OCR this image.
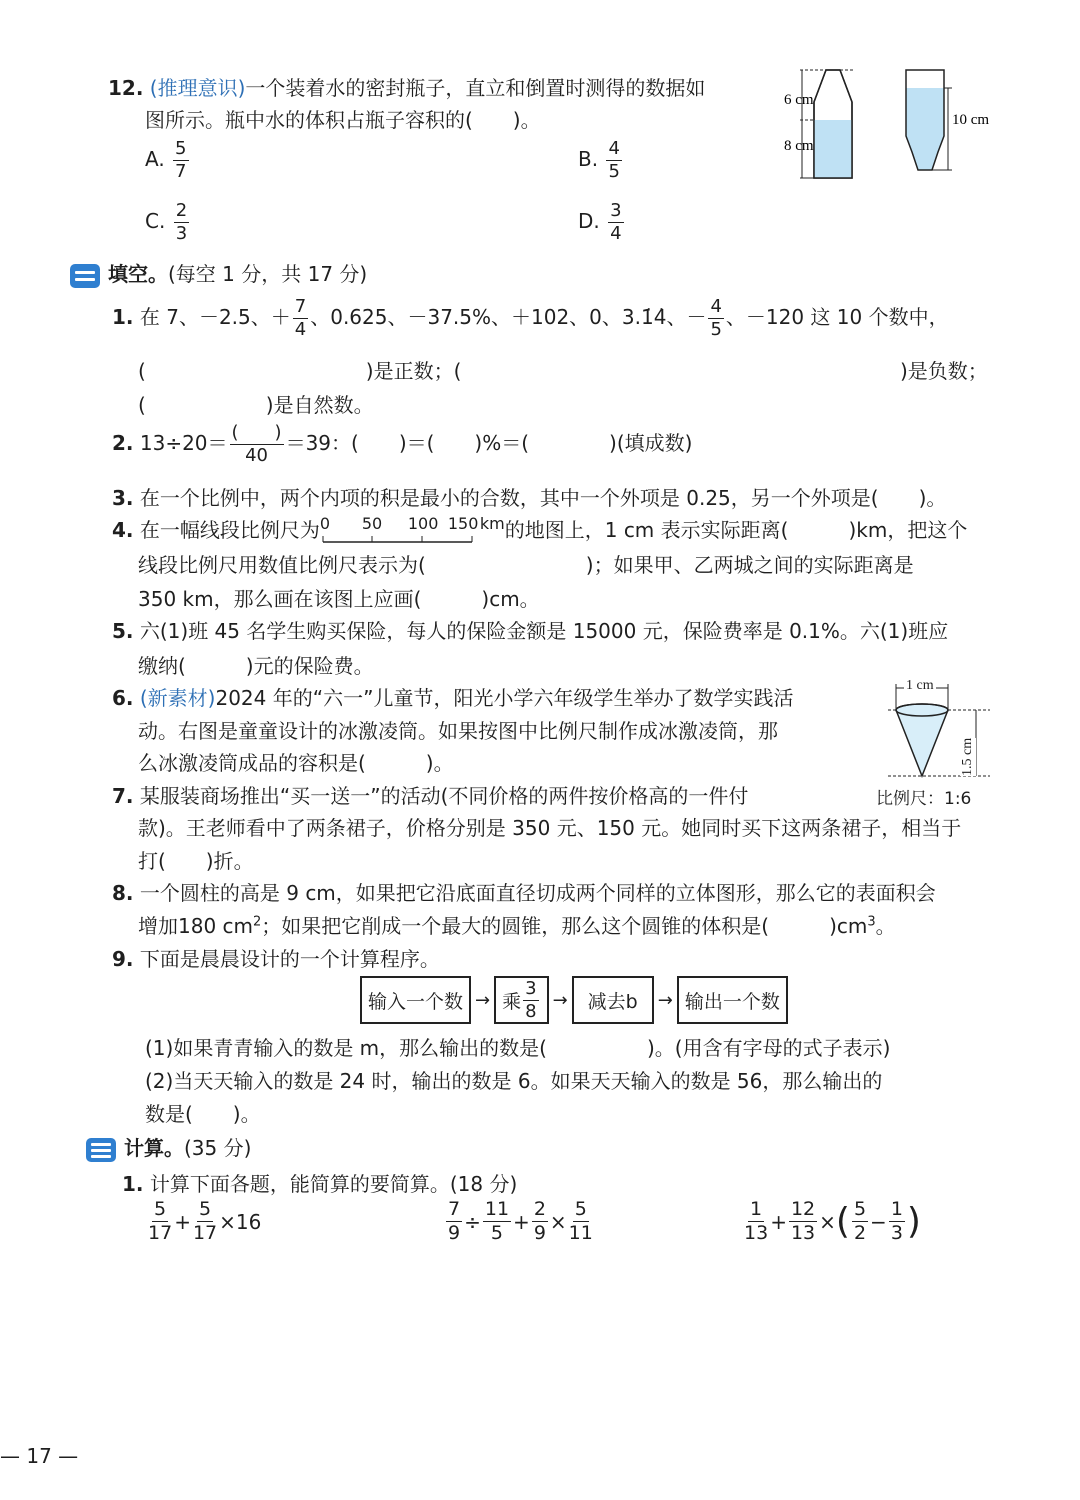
12. (推理意识)一个装着水的密封瓶子，直立和倒置时测得的数据如
图所示。瓶中水的体积占瓶子容积的(　　)。
A. $\frac{5}{7}$	B. $\frac{4}{5}$
C. $\frac{2}{3}$	D. $\frac{3}{4}$
6 cm
8 cm
10 cm
填空。(每空 1 分，共 17 分)
1. 在 7、－2.5、＋ $\frac{7}{4}$ 、0.625、－37.5%、＋102、0、3.1̇4̇、－ $\frac{4}{5}$ 、－120 这 10 个数中，
(　　　　　　　　　　　)是正数；(	　　　　　　　　　　)是负数；
(　　　　　　)是自然数。
2. $13\div 20= \frac{( )}{40} =39$：(　　)＝(　　)%＝(　　　　)(填成数)
3. 在一个比例中，两个内项的积是最小的合数，其中一个外项是 0.25，另一个外项是(　　)。
4. 在一幅线段比例尺为 0 50 100 150 $^{km}$的地图上，1 cm 表示实际距离(　　　)km，把这个
线段比例尺用数值比例尺表示为(　　　　　　　　)；如果甲、乙两城之间的实际距离是
350 km，那么画在该图上应画(　　　)cm。
5. 六(1)班 45 名学生购买保险，每人的保险金额是 15000 元，保险费率是 0.1%。六(1)班应
缴纳(　　　)元的保险费。
6. (新素材)2024 年的“六一”儿童节，阳光小学六年级学生举办了数学实践活
动。右图是童童设计的冰激凌筒。如果按图中比例尺制作成冰激凌筒，那
么冰激凌筒成品的容积是(　　　)。
1 cm
1.5 cm
比例尺：1:6
7. 某服装商场推出“买一送一”的活动(不同价格的两件按价格高的一件付
款)。王老师看中了两条裙子，价格分别是 350 元、150 元。她同时买下这两条裙子，相当于
打(　　)折。
8. 一个圆柱的高是 9 cm，如果把它沿底面直径切成两个同样的立体图形，那么它的表面积会
增加180 $cm^2$；如果把它削成一个最大的圆锥，那么这个圆锥的体积是(　　　)$cm^3$。
9. 下面是晨晨设计的一个计算程序。
输入一个数 → 乘 $\frac{3}{8}$ →	减去b	→ 输出一个数
(1)如果青青输入的数是 m，那么输出的数是(　　　　　)。(用含有字母的式子表示)
(2)当天天输入的数是 24 时，输出的数是 6。如果天天输入的数是 56，那么输出的
数是(　　)。
计算。(35 分)
1. 计算下面各题，能简算的要简算。(18 分)
$\frac{5}{17} + \frac{5}{17} \times 16$	$\frac{7}{9} \div \frac{11}{5} + \frac{2}{9} \times \frac{5}{11}$	$\frac{1}{13} + \frac{12}{13}$ × ( $\frac{5}{2} - \frac{1}{3}$ )
— 17 —
